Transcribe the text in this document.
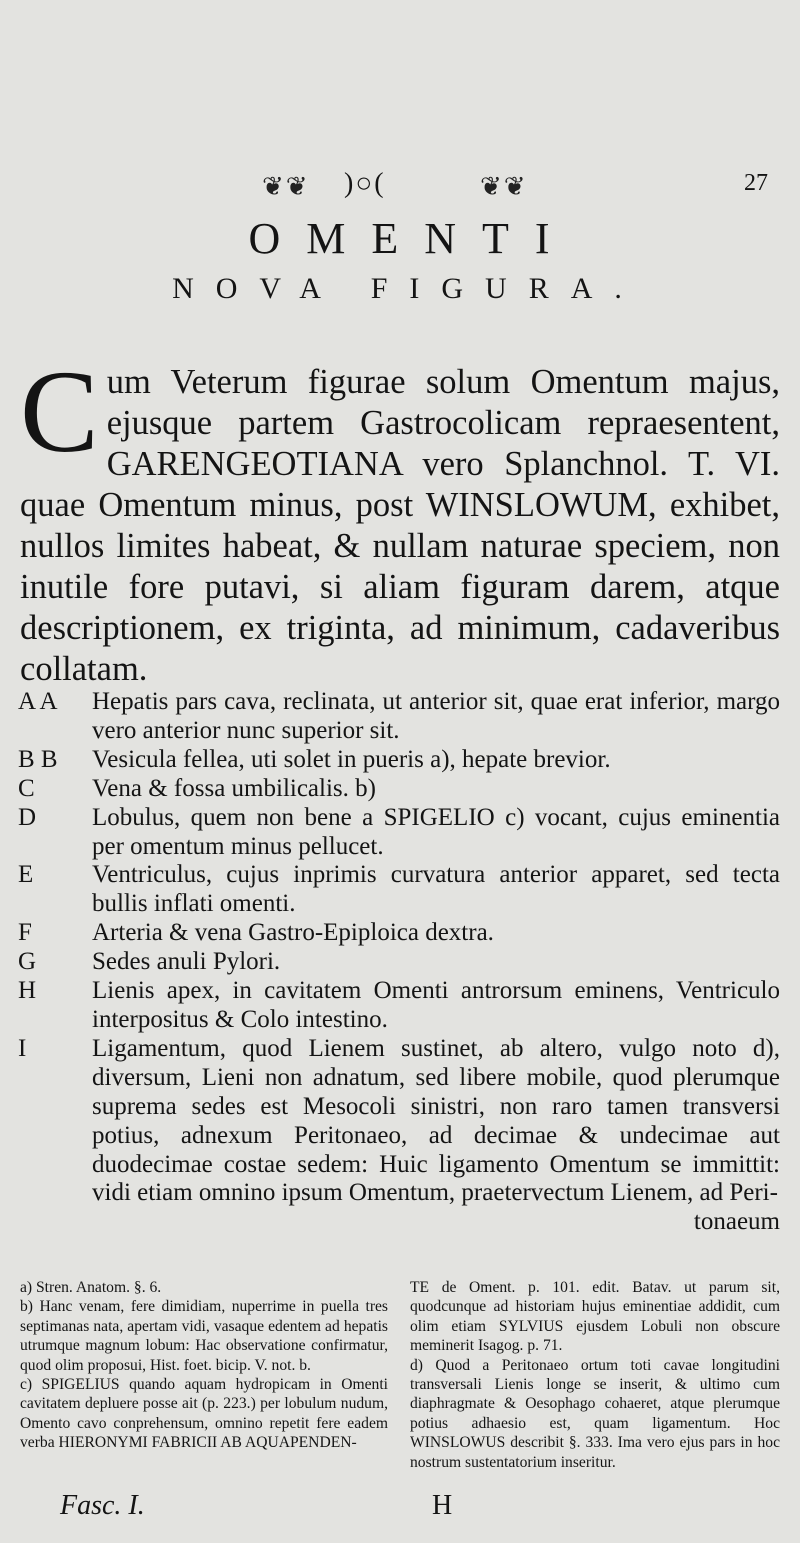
❦❦ )○(	❦❦	27
OMENTI
NOVA FIGURA.
C um Veterum figurae solum Omentum majus, ejusque partem Gastrocolicam repraesentent, GARENGEOTIANA vero Splanchnol. T. VI. quae Omentum minus, post WINSLOWUM, exhibet, nullos limites habeat, & nullam naturae speciem, non inutile fore putavi, si aliam figuram darem, atque descriptionem, ex triginta, ad minimum, cadaveribus collatam.
A A	Hepatis pars cava, reclinata, ut anterior sit, quae erat inferior, margo vero anterior nunc superior sit.
B B	Vesicula fellea, uti solet in pueris a), hepate brevior.
C	Vena & fossa umbilicalis. b)
D	Lobulus, quem non bene a SPIGELIO c) vocant, cujus eminentia per omentum minus pellucet.
E	Ventriculus, cujus inprimis curvatura anterior apparet, sed tecta bullis inflati omenti.
F	Arteria & vena Gastro-Epiploica dextra.
G	Sedes anuli Pylori.
H	Lienis apex, in cavitatem Omenti antrorsum eminens, Ventriculo interpositus & Colo intestino.
I	Ligamentum, quod Lienem sustinet, ab altero, vulgo noto d), diversum, Lieni non adnatum, sed libere mobile, quod plerumque suprema sedes est Mesocoli sinistri, non raro tamen transversi potius, adnexum Peritonaeo, ad decimae & undecimae aut duodecimae costae sedem: Huic ligamento Omentum se immittit: vidi etiam omnino ipsum Omentum, praetervectum Lienem, ad Peri-
tonaeum
a) Stren. Anatom. §. 6.
b) Hanc venam, fere dimidiam, nuperrime in puella tres septimanas nata, apertam vidi, vasaque edentem ad hepatis utrumque magnum lobum: Hac observatione confirmatur, quod olim proposui, Hist. foet. bicip. V. not. b.
c) SPIGELIUS quando aquam hydropicam in Omenti cavitatem depluere posse ait (p. 223.) per lobulum nudum, Omento cavo conprehensum, omnino repetit fere eadem verba HIERONYMI FABRICII AB AQUAPENDEN-
TE de Oment. p. 101. edit. Batav. ut parum sit, quodcunque ad historiam hujus eminentiae addidit, cum olim etiam SYLVIUS ejusdem Lobuli non obscure meminerit Isagog. p. 71.
d) Quod a Peritonaeo ortum toti cavae longitudini transversali Lienis longe se inserit, & ultimo cum diaphragmate & Oesophago cohaeret, atque plerumque potius adhaesio est, quam ligamentum. Hoc WINSLOWUS describit §. 333. Ima vero ejus pars in hoc nostrum sustentatorium inseritur.
Fasc. I.	H
